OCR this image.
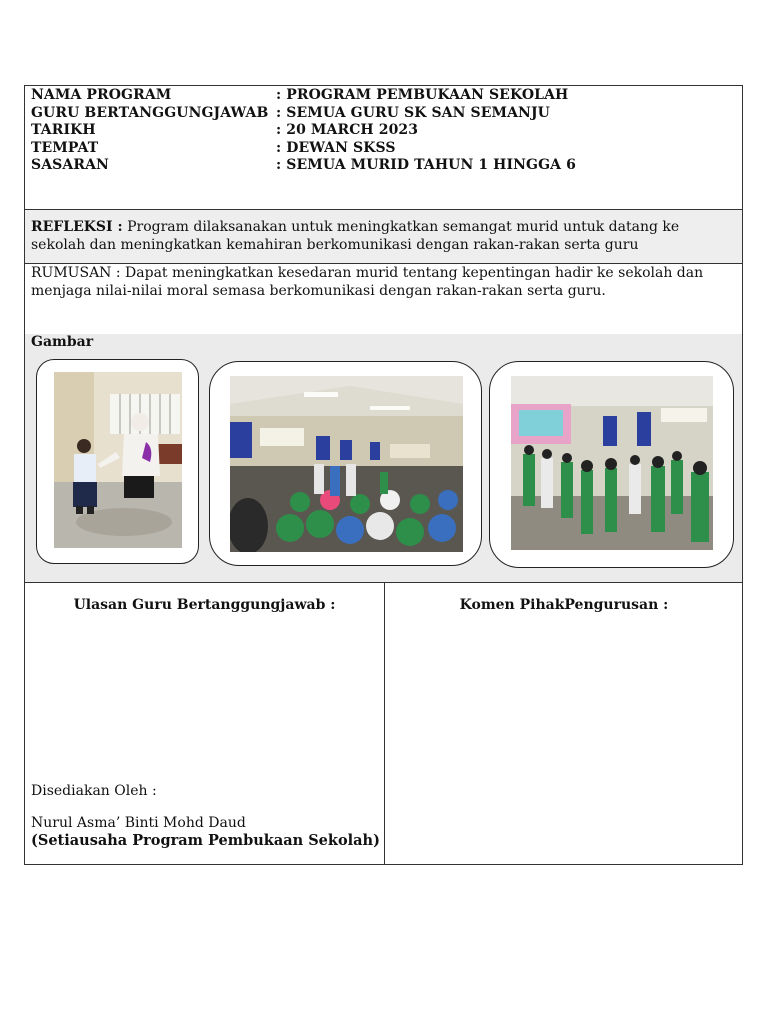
NAMA PROGRAM	: PROGRAM PEMBUKAAN SEKOLAH
GURU BERTANGGUNGJAWAB : SEMUA GURU SK SAN SEMANJU
TARIKH	: 20 MARCH 2023
TEMPAT	: DEWAN SKSS
SASARAN	: SEMUA MURID TAHUN 1 HINGGA 6
REFLEKSI : Program dilaksanakan untuk meningkatkan semangat murid untuk datang ke sekolah dan meningkatkan kemahiran berkomunikasi dengan rakan-rakan serta guru
RUMUSAN : Dapat meningkatkan kesedaran murid tentang kepentingan hadir ke sekolah dan menjaga nilai-nilai moral semasa berkomunikasi dengan rakan-rakan serta guru.
Gambar
Ulasan Guru Bertanggungjawab :
Disediakan Oleh :
Nurul Asma’ Binti Mohd Daud
(Setiausaha Program Pembukaan Sekolah)
Komen PihakPengurusan :
